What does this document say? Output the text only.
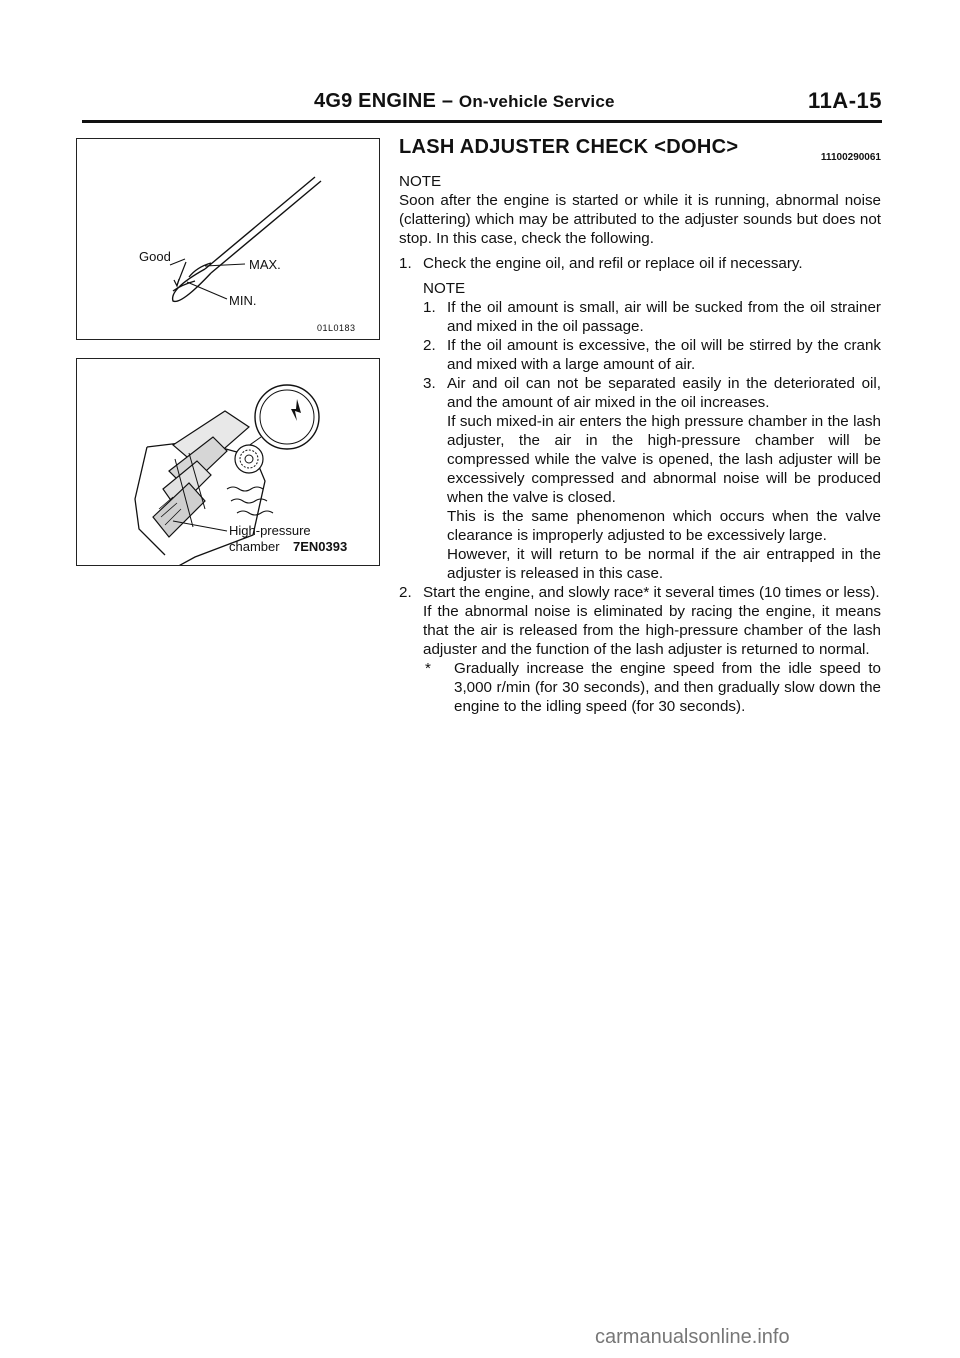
4G9 ENGINE – On-vehicle Service	11A-15
Good
MAX.
MIN.
01L0183
High-pressure
chamber 7EN0393
LASH ADJUSTER CHECK <DOHC>	11100290061
NOTE

Soon after the engine is started or while it is running, abnormal noise (clattering) which may be attributed to the adjuster sounds but does not stop. In this case, check the following.

1. Check the engine oil, and refil or replace oil if necessary.
NOTE
1. If the oil amount is small, air will be sucked from the oil strainer and mixed in the oil passage.
2. If the oil amount is excessive, the oil will be stirred by the crank and mixed with a large amount of air.
3. Air and oil can not be separated easily in the deteriorated oil, and the amount of air mixed in the oil increases.
If such mixed-in air enters the high pressure chamber in the lash adjuster, the air in the high-pressure chamber will be compressed while the valve is opened, the lash adjuster will be excessively compressed and abnormal noise will be produced when the valve is closed.
This is the same phenomenon which occurs when the valve clearance is improperly adjusted to be excessively large.
However, it will return to be normal if the air entrapped in the adjuster is released in this case.
2. Start the engine, and slowly race* it several times (10 times or less).
If the abnormal noise is eliminated by racing the engine, it means that the air is released from the high-pressure chamber of the lash adjuster and the function of the lash adjuster is returned to normal.
*	Gradually increase the engine speed from the idle speed to 3,000 r/min (for 30 seconds), and then gradually slow down the engine to the idling speed (for 30 seconds).
carmanualsonline.info
